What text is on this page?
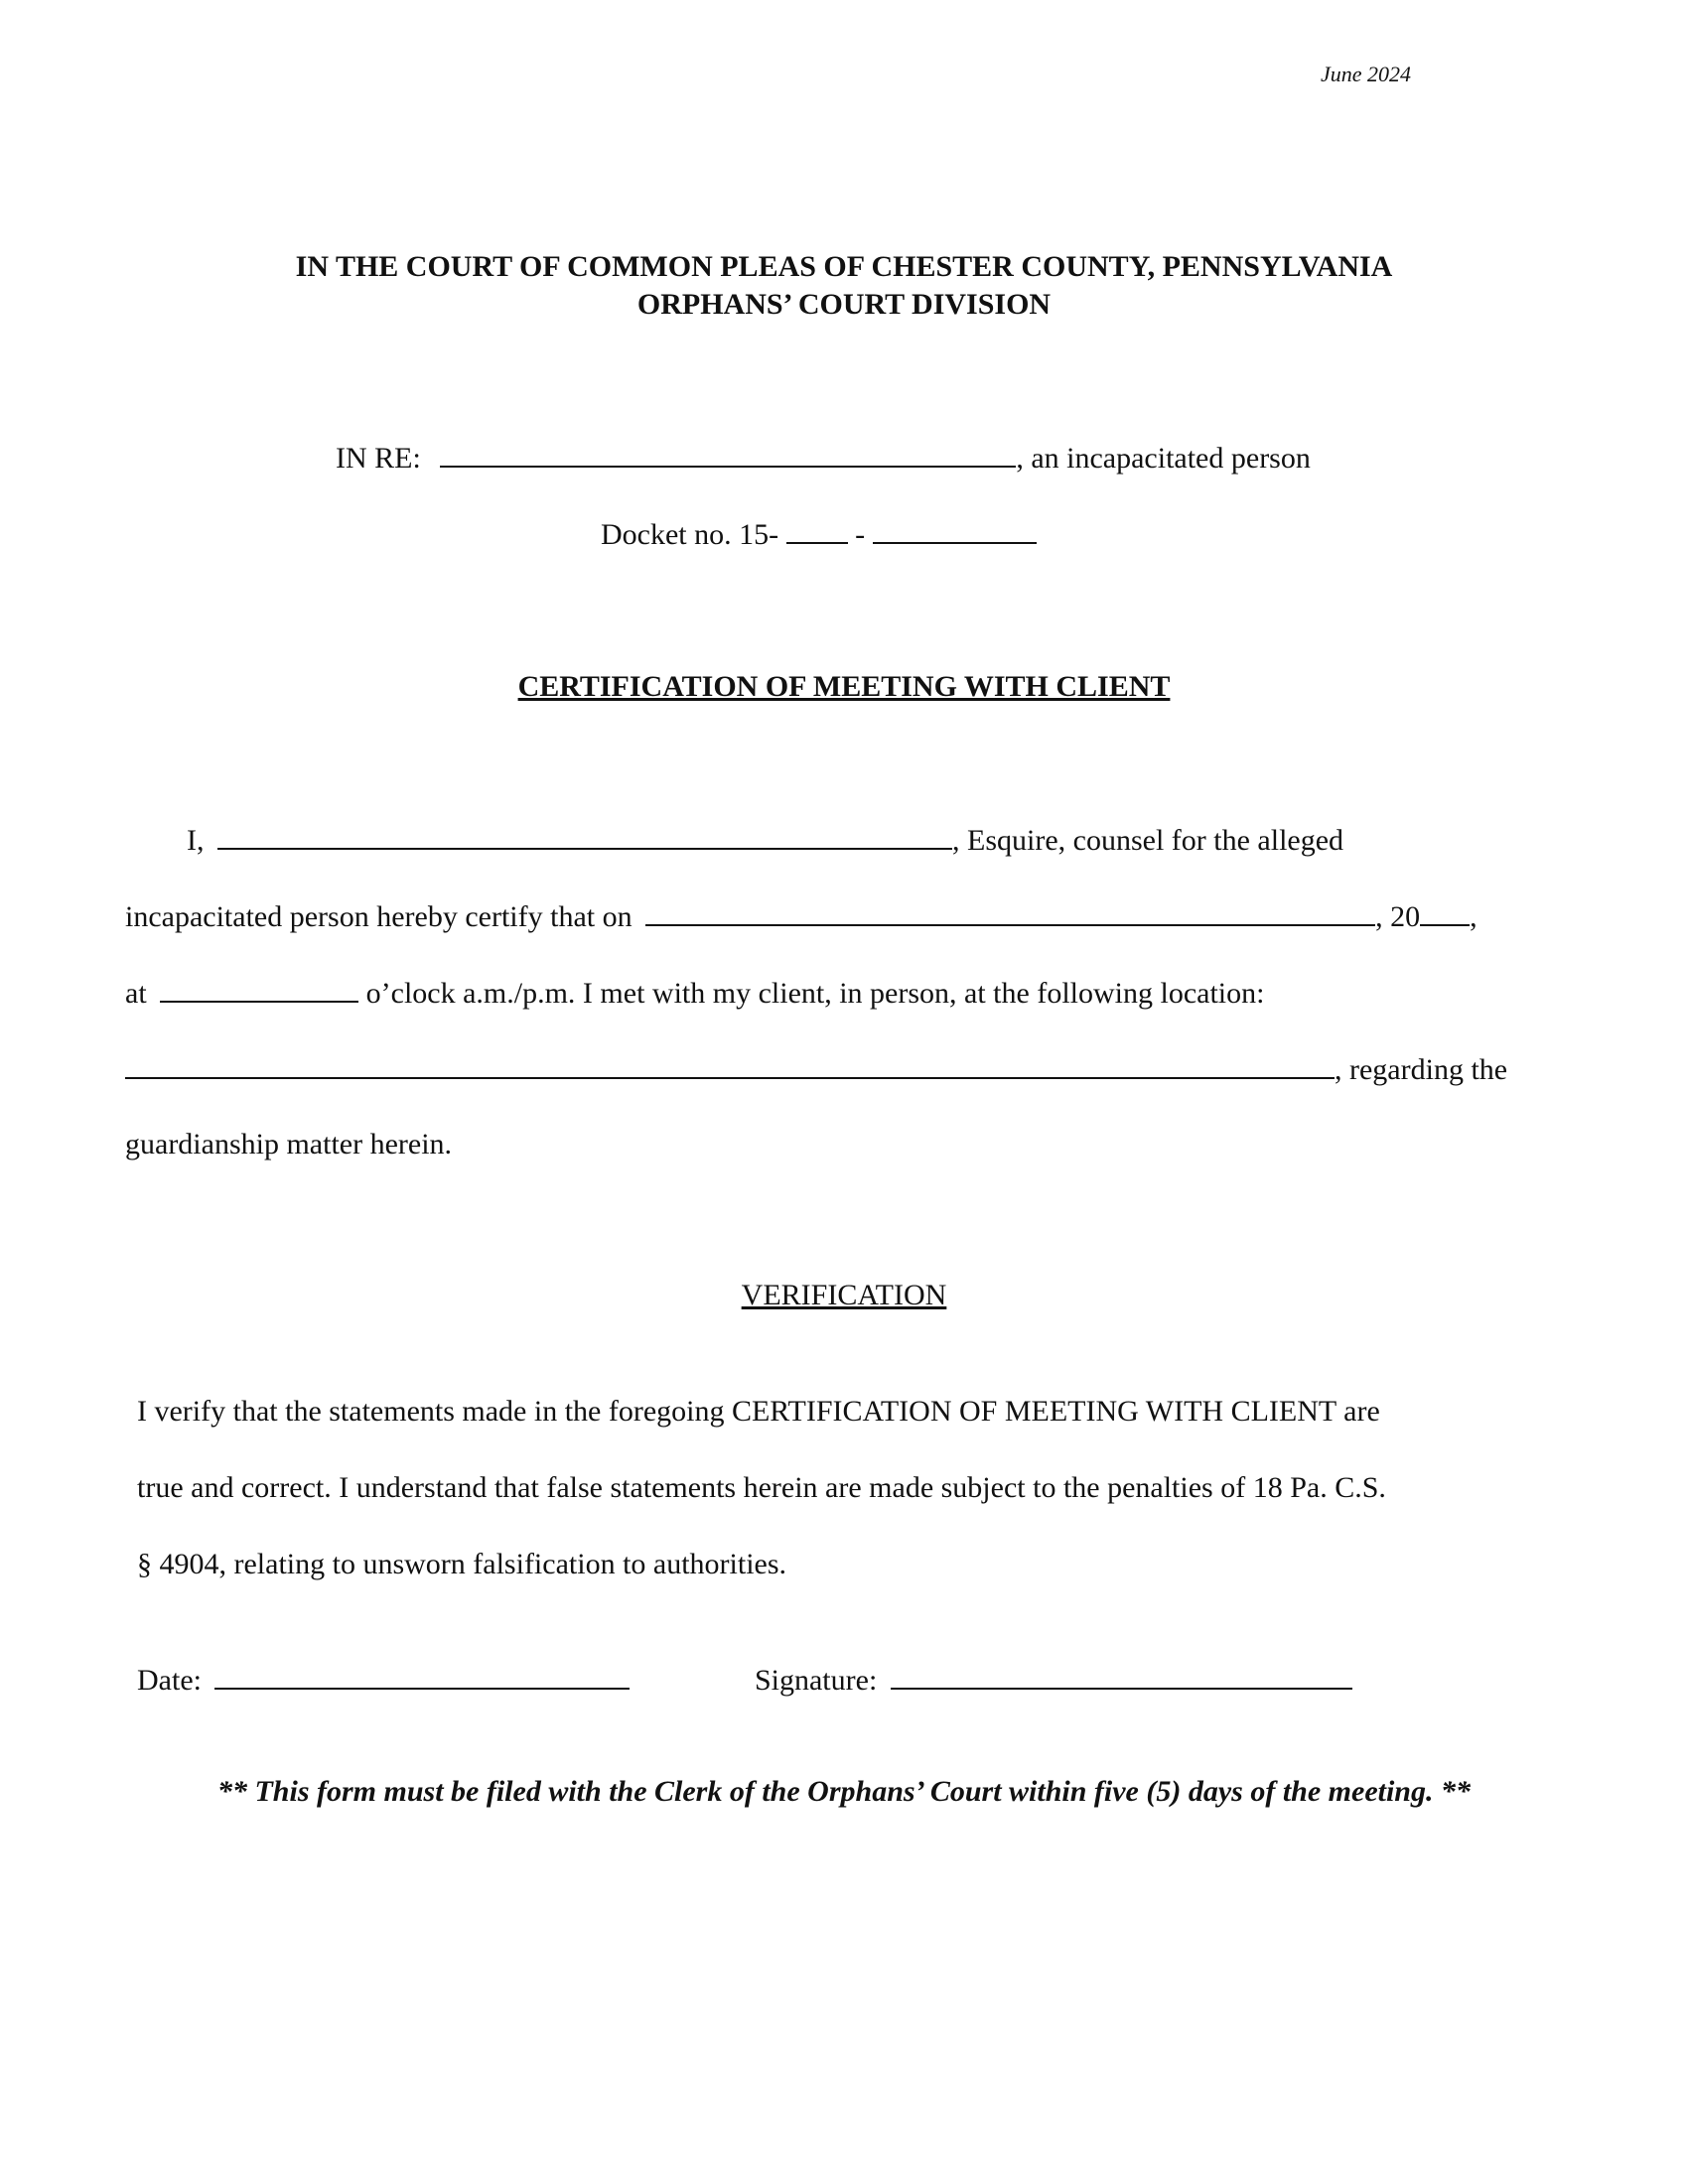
June 2024
IN THE COURT OF COMMON PLEAS OF CHESTER COUNTY, PENNSYLVANIA
ORPHANS’ COURT DIVISION
IN RE:	, an incapacitated person
Docket no. 15-	-
CERTIFICATION OF MEETING WITH CLIENT
I,	, Esquire, counsel for the alleged
incapacitated person hereby certify that on	, 20 ,
at	o’clock a.m./p.m. I met with my client, in person, at the following location:
, regarding the
guardianship matter herein.
VERIFICATION
I verify that the statements made in the foregoing CERTIFICATION OF MEETING WITH CLIENT are
true and correct. I understand that false statements herein are made subject to the penalties of 18 Pa. C.S.
§ 4904, relating to unsworn falsification to authorities.
Date:	Signature:
** This form must be filed with the Clerk of the Orphans’ Court within five (5) days of the meeting. **
